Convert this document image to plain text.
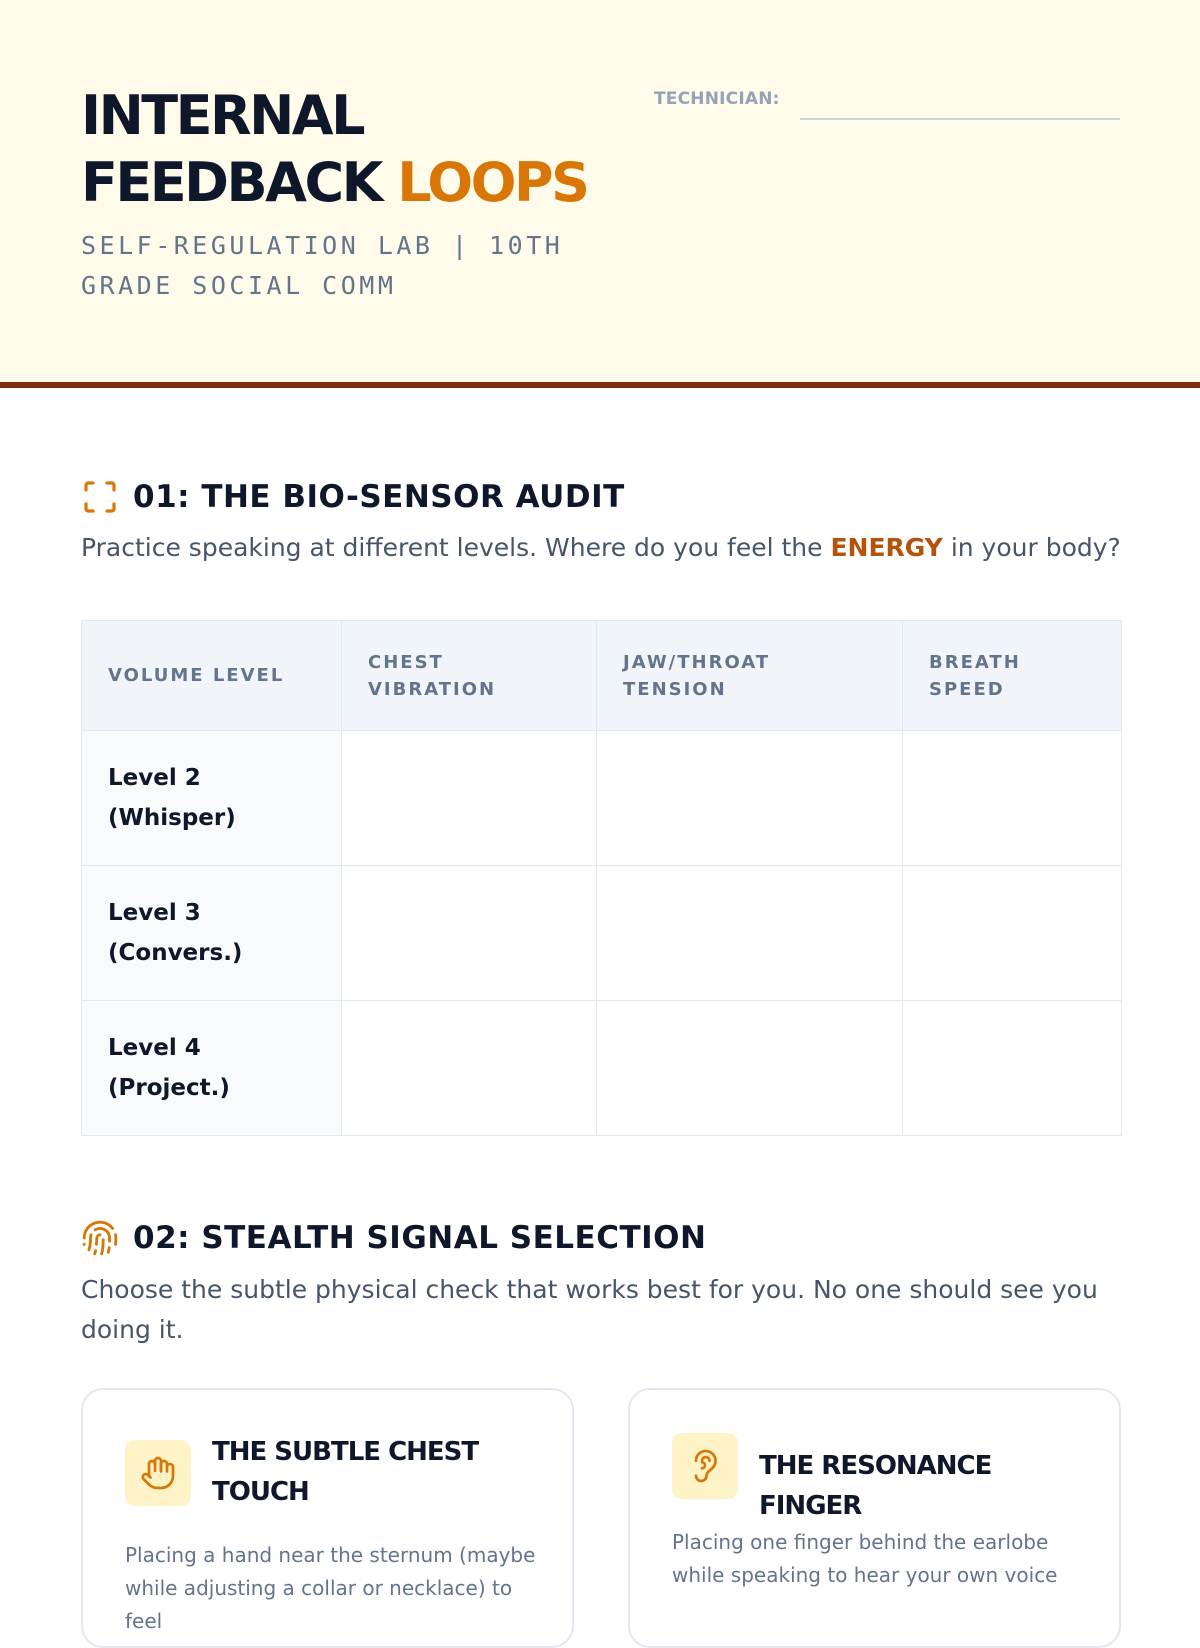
INTERNAL
FEEDBACK LOOPS
SELF-REGULATION LAB | 10TH GRADE SOCIAL COMM
TECHNICIAN:
01: THE BIO-SENSOR AUDIT
Practice speaking at different levels. Where do you feel the ENERGY in your body?
VOLUME LEVEL	CHEST VIBRATION	JAW/THROAT TENSION	BREATH SPEED
Level 2 (Whisper)			
Level 3 (Convers.)			
Level 4 (Project.)			
02: STEALTH SIGNAL SELECTION
Choose the subtle physical check that works best for you. No one should see you doing it.
THE SUBTLE CHEST TOUCH
Placing a hand near the sternum (maybe while adjusting a collar or necklace) to feel
THE RESONANCE FINGER
Placing one finger behind the earlobe while speaking to hear your own voice
